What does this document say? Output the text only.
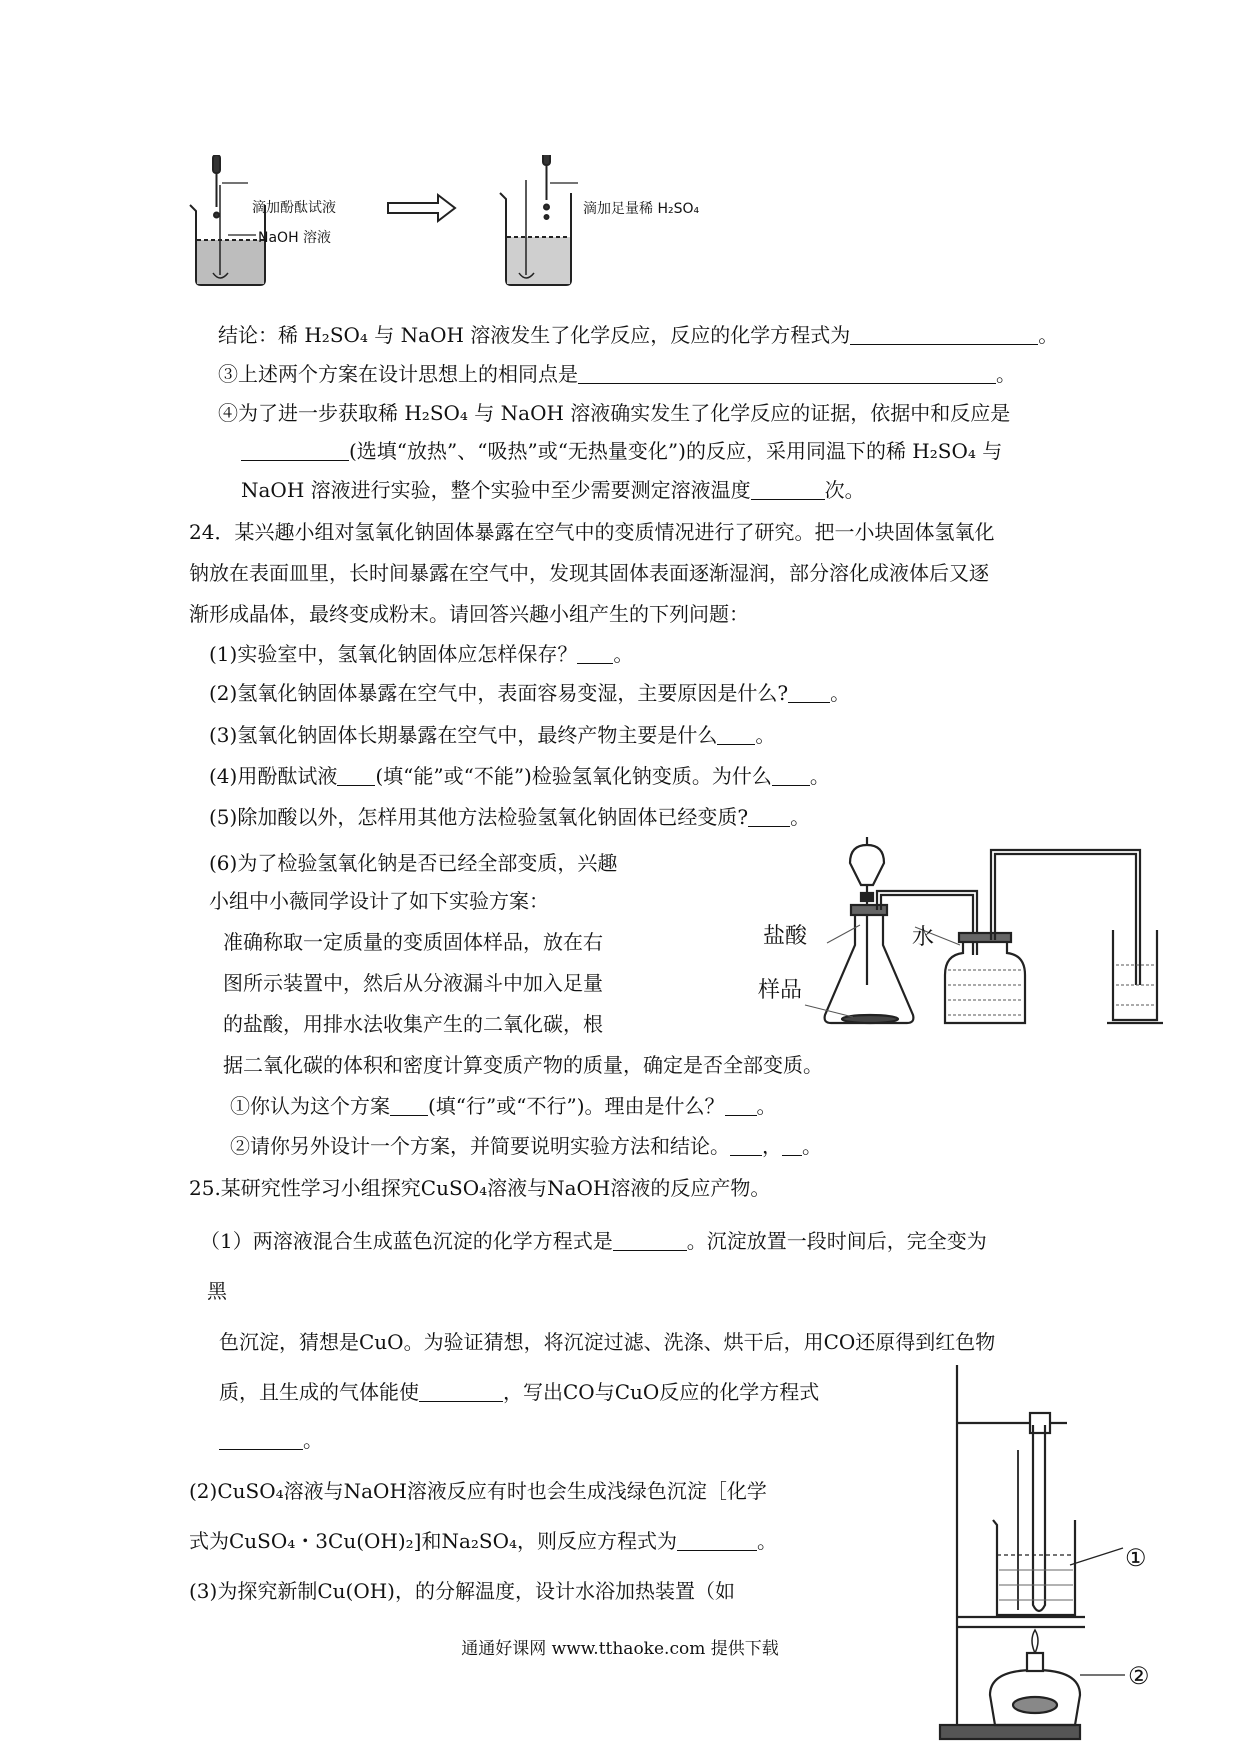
滴加酚酞试液
NaOH 溶液
滴加足量稀 H₂SO₄
结论：稀 H₂SO₄ 与 NaOH 溶液发生了化学反应，反应的化学方程式为	。
③上述两个方案在设计思想上的相同点是	。
④为了进一步获取稀 H₂SO₄ 与 NaOH 溶液确实发生了化学反应的证据，依据中和反应是
(选填“放热”、“吸热”或“无热量变化”)的反应，采用同温下的稀 H₂SO₄ 与
NaOH 溶液进行实验，整个实验中至少需要测定溶液温度	次。
24．某兴趣小组对氢氧化钠固体暴露在空气中的变质情况进行了研究。把一小块固体氢氧化
钠放在表面皿里，长时间暴露在空气中，发现其固体表面逐渐湿润，部分溶化成液体后又逐
渐形成晶体，最终变成粉末。请回答兴趣小组产生的下列问题：
(1)实验室中，氢氧化钠固体应怎样保存？ 。
(2)氢氧化钠固体暴露在空气中，表面容易变湿，主要原因是什么? 。
(3)氢氧化钠固体长期暴露在空气中，最终产物主要是什么 。
(4)用酚酞试液 (填“能”或“不能”)检验氢氧化钠变质。为什么 。
(5)除加酸以外，怎样用其他方法检验氢氧化钠固体已经变质? 。
(6)为了检验氢氧化钠是否已经全部变质，兴趣
小组中小薇同学设计了如下实验方案：
准确称取一定质量的变质固体样品，放在右
图所示装置中，然后从分液漏斗中加入足量
的盐酸，用排水法收集产生的二氧化碳，根
据二氧化碳的体积和密度计算变质产物的质量，确定是否全部变质。
①你认为这个方案 (填“行”或“不行”)。理由是什么？ 。
②请你另外设计一个方案，并简要说明实验方法和结论。 ， 。
盐酸	水
样品
25.某研究性学习小组探究CuSO₄溶液与NaOH溶液的反应产物。
（1）两溶液混合生成蓝色沉淀的化学方程式是	。沉淀放置一段时间后，完全变为
黑
色沉淀，猜想是CuO。为验证猜想，将沉淀过滤、洗涤、烘干后，用CO还原得到红色物
质，且生成的气体能使	，写出CO与CuO反应的化学方程式
。
(2)CuSO₄溶液与NaOH溶液反应有时也会生成浅绿色沉淀［化学
式为CuSO₄・3Cu(OH)₂]和Na₂SO₄，则反应方程式为	。
(3)为探究新制Cu(OH)，的分解温度，设计水浴加热装置（如
①
②
通通好课网 www.tthaoke.com 提供下载
